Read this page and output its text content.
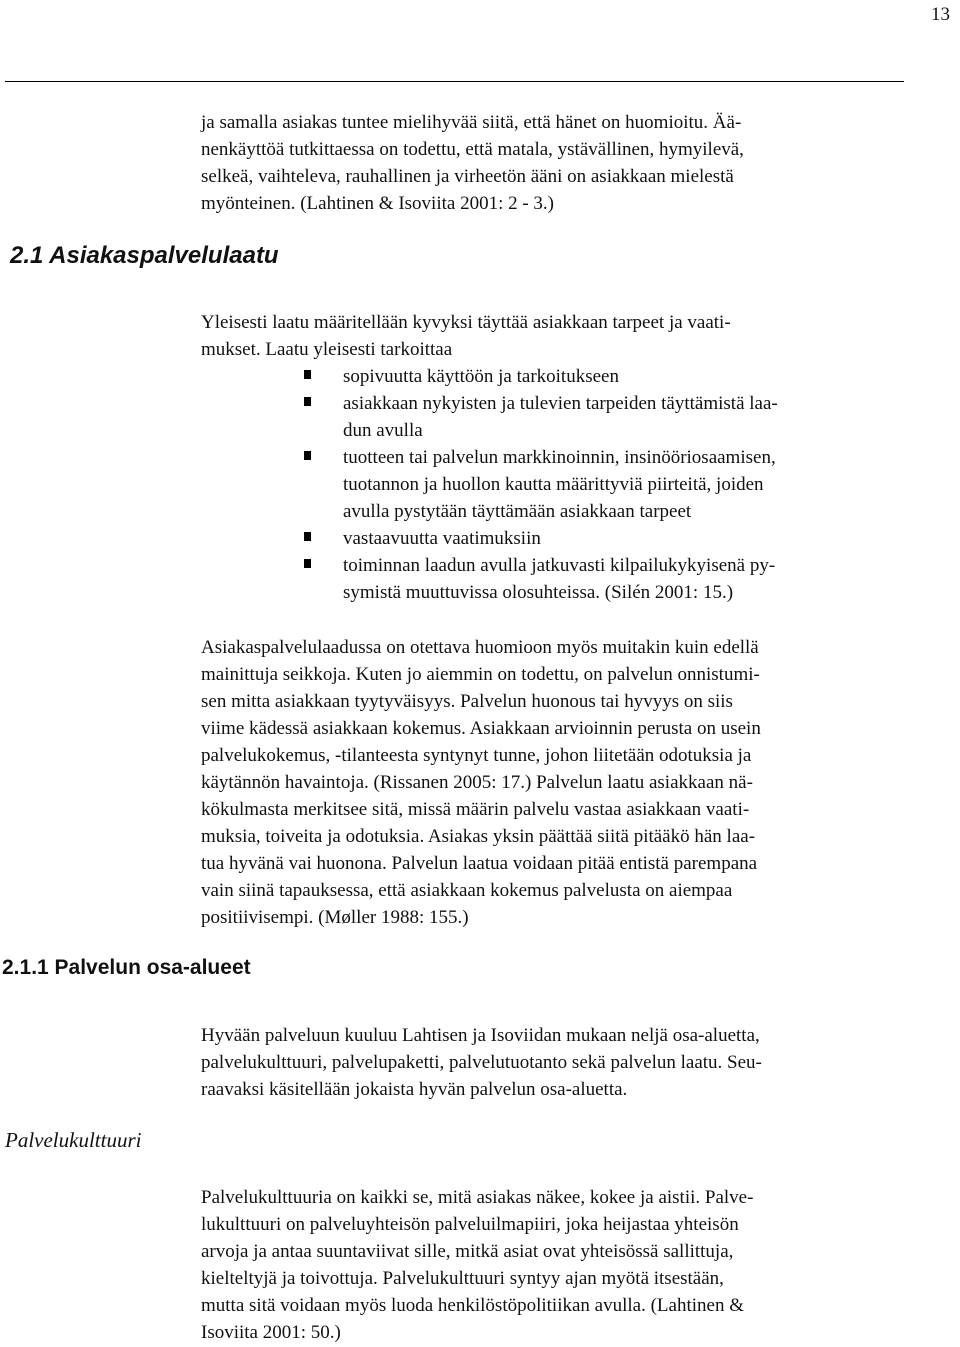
13
ja samalla asiakas tuntee mielihyvää siitä, että hänet on huomioitu. Ää-
nenkäyttöä tutkittaessa on todettu, että matala, ystävällinen, hymyilevä,
selkeä, vaihteleva, rauhallinen ja virheetön ääni on asiakkaan mielestä
myönteinen. (Lahtinen & Isoviita 2001: 2 - 3.)
2.1 Asiakaspalvelulaatu
Yleisesti laatu määritellään kyvyksi täyttää asiakkaan tarpeet ja vaati-
mukset. Laatu yleisesti tarkoittaa
sopivuutta käyttöön ja tarkoitukseen
asiakkaan nykyisten ja tulevien tarpeiden täyttämistä laa-
dun avulla
tuotteen tai palvelun markkinoinnin, insinööriosaamisen,
tuotannon ja huollon kautta määrittyviä piirteitä, joiden
avulla pystytään täyttämään asiakkaan tarpeet
vastaavuutta vaatimuksiin
toiminnan laadun avulla jatkuvasti kilpailukykyisenä py-
symistä muuttuvissa olosuhteissa. (Silén 2001: 15.)
Asiakaspalvelulaadussa on otettava huomioon myös muitakin kuin edellä
mainittuja seikkoja. Kuten jo aiemmin on todettu, on palvelun onnistumi-
sen mitta asiakkaan tyytyväisyys. Palvelun huonous tai hyvyys on siis
viime kädessä asiakkaan kokemus. Asiakkaan arvioinnin perusta on usein
palvelukokemus, -tilanteesta syntynyt tunne, johon liitetään odotuksia ja
käytännön havaintoja. (Rissanen 2005: 17.) Palvelun laatu asiakkaan nä-
kökulmasta merkitsee sitä, missä määrin palvelu vastaa asiakkaan vaati-
muksia, toiveita ja odotuksia. Asiakas yksin päättää siitä pitääkö hän laa-
tua hyvänä vai huonona. Palvelun laatua voidaan pitää entistä parempana
vain siinä tapauksessa, että asiakkaan kokemus palvelusta on aiempaa
positiivisempi. (Møller 1988: 155.)
2.1.1 Palvelun osa-alueet
Hyvään palveluun kuuluu Lahtisen ja Isoviidan mukaan neljä osa-aluetta,
palvelukulttuuri, palvelupaketti, palvelutuotanto sekä palvelun laatu. Seu-
raavaksi käsitellään jokaista hyvän palvelun osa-aluetta.
Palvelukulttuuri
Palvelukulttuuria on kaikki se, mitä asiakas näkee, kokee ja aistii. Palve-
lukulttuuri on palveluyhteisön palveluilmapiiri, joka heijastaa yhteisön
arvoja ja antaa suuntaviivat sille, mitkä asiat ovat yhteisössä sallittuja,
kielteltyjä ja toivottuja. Palvelukulttuuri syntyy ajan myötä itsestään,
mutta sitä voidaan myös luoda henkilöstöpolitiikan avulla. (Lahtinen &
Isoviita 2001: 50.)
